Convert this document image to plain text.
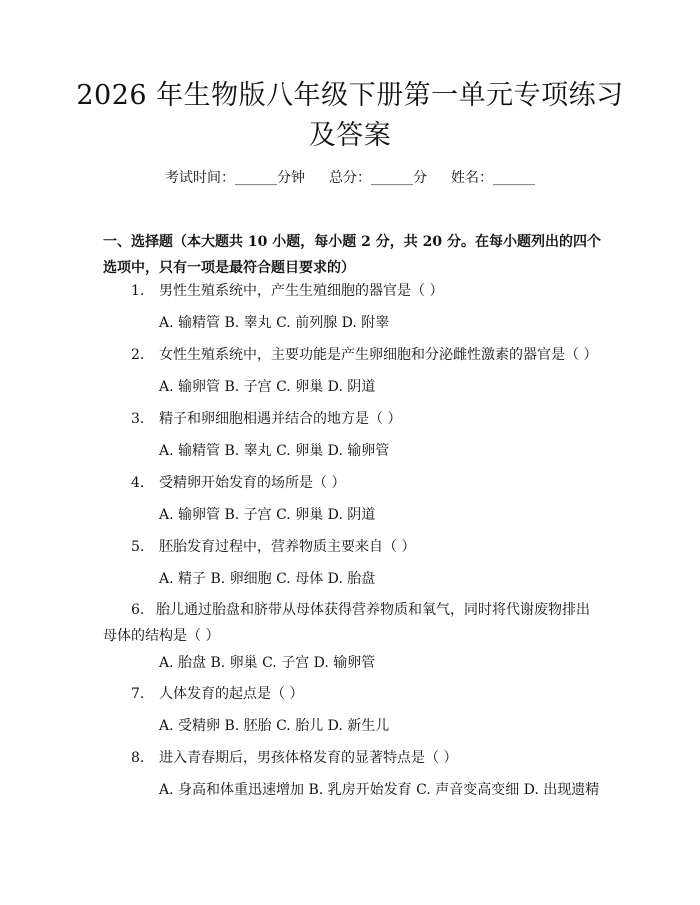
2026 年生物版八年级下册第一单元专项练习
及答案
考试时间：______分钟 总分：______分 姓名：______
一、选择题（本大题共 10 小题，每小题 2 分，共 20 分。在每小题列出的四个选项中，只有一项是最符合题目要求的）
1. 男性生殖系统中，产生生殖细胞的器官是（ ）
A. 输精管 B. 睾丸 C. 前列腺 D. 附睾
2. 女性生殖系统中，主要功能是产生卵细胞和分泌雌性激素的器官是（ ）
A. 输卵管 B. 子宫 C. 卵巢 D. 阴道
3. 精子和卵细胞相遇并结合的地方是（ ）
A. 输精管 B. 睾丸 C. 卵巢 D. 输卵管
4. 受精卵开始发育的场所是（ ）
A. 输卵管 B. 子宫 C. 卵巢 D. 阴道
5. 胚胎发育过程中，营养物质主要来自（ ）
A. 精子 B. 卵细胞 C. 母体 D. 胎盘
6. 胎儿通过胎盘和脐带从母体获得营养物质和氧气，同时将代谢废物排出母体的结构是（ ）
A. 胎盘 B. 卵巢 C. 子宫 D. 输卵管
7. 人体发育的起点是（ ）
A. 受精卵 B. 胚胎 C. 胎儿 D. 新生儿
8. 进入青春期后，男孩体格发育的显著特点是（ ）
A. 身高和体重迅速增加 B. 乳房开始发育 C. 声音变高变细 D. 出现遗精
